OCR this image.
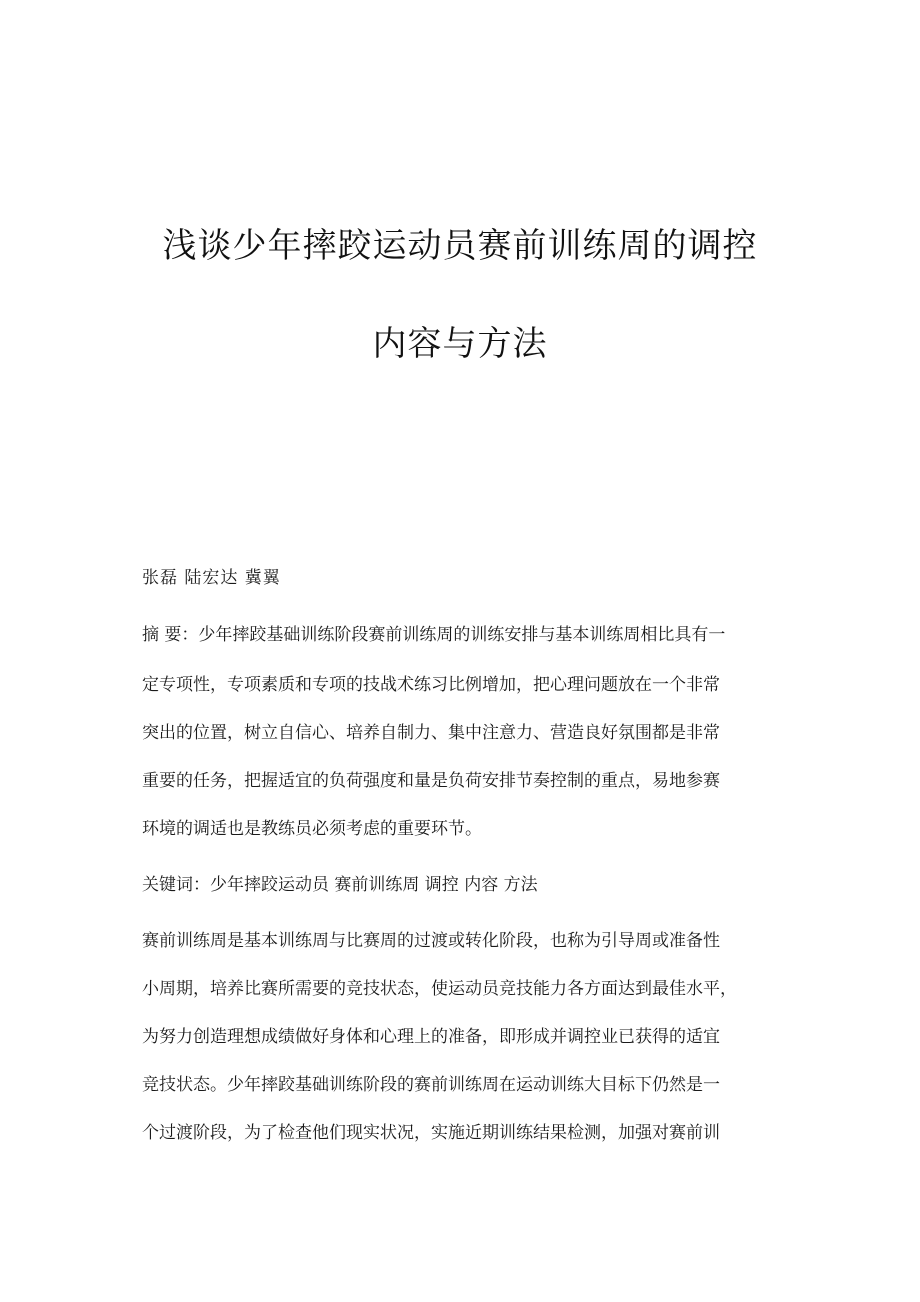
浅谈少年摔跤运动员赛前训练周的调控
内容与方法
张磊 陆宏达 冀翼
摘 要：少年摔跤基础训练阶段赛前训练周的训练安排与基本训练周相比具有一
定专项性，专项素质和专项的技战术练习比例增加，把心理问题放在一个非常
突出的位置，树立自信心、培养自制力、集中注意力、营造良好氛围都是非常
重要的任务，把握适宜的负荷强度和量是负荷安排节奏控制的重点，易地参赛
环境的调适也是教练员必须考虑的重要环节。
关键词：少年摔跤运动员 赛前训练周 调控 内容 方法
赛前训练周是基本训练周与比赛周的过渡或转化阶段，也称为引导周或准备性
小周期，培养比赛所需要的竞技状态，使运动员竞技能力各方面达到最佳水平，
为努力创造理想成绩做好身体和心理上的准备，即形成并调控业已获得的适宜
竞技状态。少年摔跤基础训练阶段的赛前训练周在运动训练大目标下仍然是一
个过渡阶段，为了检查他们现实状况，实施近期训练结果检测，加强对赛前训
